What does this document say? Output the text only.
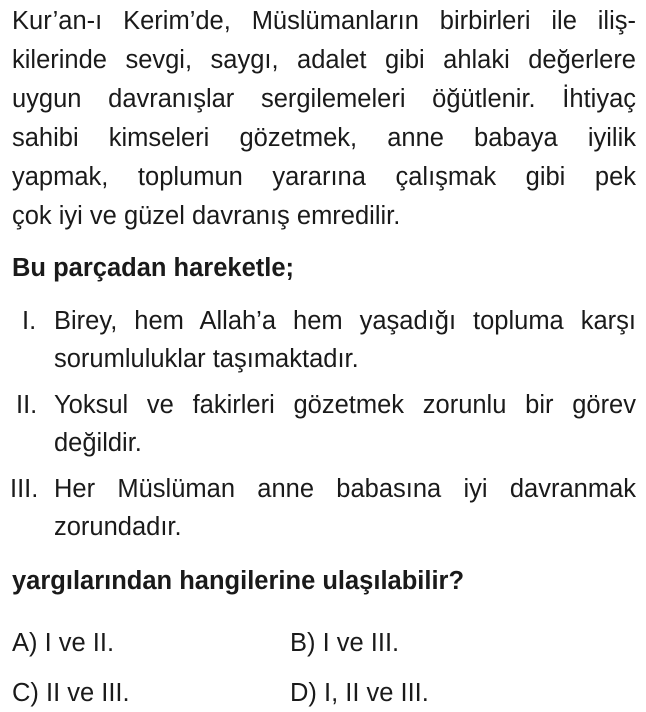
Kur’an-ı Kerim’de, Müslümanların birbirleri ile iliş-
kilerinde sevgi, saygı, adalet gibi ahlaki değerlere
uygun davranışlar sergilemeleri öğütlenir. İhtiyaç
sahibi kimseleri gözetmek, anne babaya iyilik
yapmak, toplumun yararına çalışmak gibi pek
çok iyi ve güzel davranış emredilir.
Bu parçadan hareketle;
I. Birey, hem Allah’a hem yaşadığı topluma karşı
sorumluluklar taşımaktadır.
II. Yoksul ve fakirleri gözetmek zorunlu bir görev
değildir.
III. Her Müslüman anne babasına iyi davranmak
zorundadır.
yargılarından hangilerine ulaşılabilir?
A) I ve II.	B) I ve III.
C) II ve III.	D) I, II ve III.
